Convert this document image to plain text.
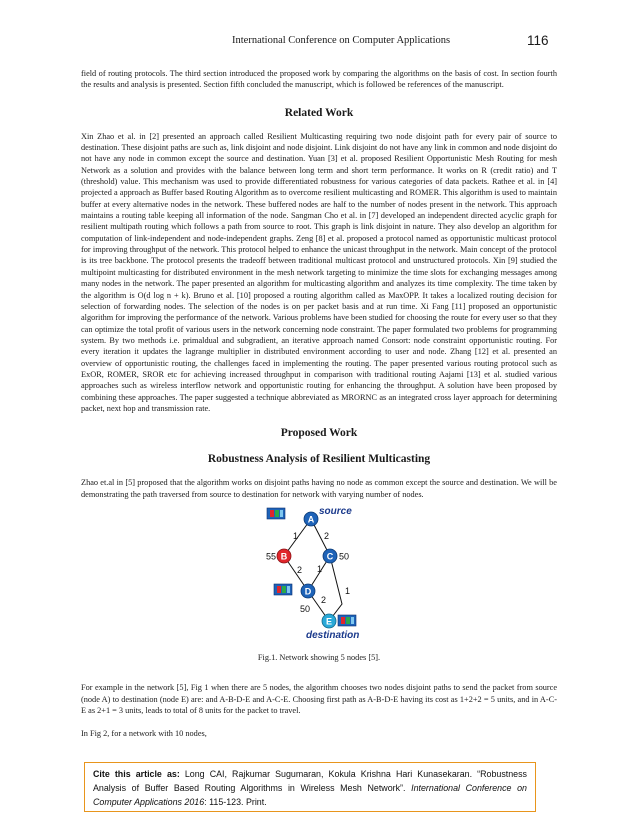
International Conference on Computer Applications	116

field of routing protocols. The third section introduced the proposed work by comparing the algorithms on the basis of cost. In section fourth the results and analysis is presented. Section fifth concluded the manuscript, which is followed be references of the manuscript.

Related Work

Xin Zhao et al. in [2] presented an approach called Resilient Multicasting requiring two node disjoint path for every pair of source to destination. These disjoint paths are such as, link disjoint and node disjoint. Link disjoint do not have any link in common and node disjoint do not have any node in common except the source and destination. Yuan [3] et al. proposed Resilient Opportunistic Mesh Routing for mesh Network as a solution and provides with the balance between long term and short term performance. It works on R (credit ratio) and T (threshold) value. This mechanism was used to provide differentiated robustness for various categories of data packets. Rathee et al. in [4] projected a approach as Buffer based Routing Algorithm as to overcome resilient multicasting and ROMER. This algorithm is used to maintain buffer at every alternative nodes in the network. These buffered nodes are half to the number of nodes present in the network. This approach maintains a routing table keeping all information of the node. Sangman Cho et al. in [7] developed an independent directed acyclic graph for resilient multipath routing which follows a path from source to root. This graph is link disjoint in nature. They also develop an algorithm for computation of link-independent and node-independent graphs. Zeng [8] et al. proposed a protocol named as opportunistic multicast protocol for improving throughput of the network. This protocol helped to enhance the unicast throughput in the network. Main concept of the protocol is its tree backbone. The protocol presents the tradeoff between traditional multicast protocol and unstructured protocols. Xin [9] studied the multipoint multicasting for distributed environment in the mesh network targeting to minimize the time slots for exchanging messages among many nodes in the network. The paper presented an algorithm for multicasting algorithm and analyzes its time complexity. The time taken by the algorithm is O(d log n + k). Bruno et al. [10] proposed a routing algorithm called as MaxOPP. It takes a localized routing decision for selection of forwarding nodes. The selection of the nodes is on per packet basis and at run time. Xi Fang [11] proposed an opportunistic algorithm for improving the performance of the network. Various problems have been studied for choosing the route for every user so that they can optimize the total profit of various users in the network concerning node constraint. The paper formulated two problems for programming system. By two methods i.e. primaldual and subgradient, an iterative approach named Consort: node constraint opportunistic routing. For every iteration it updates the lagrange multiplier in distributed environment according to user and node. Zhang [12] et al. presented an overview of opportunistic routing, the challenges faced in implementing the routing. The paper presented various routing protocol such as ExOR, ROMER, SROR etc for achieving increased throughput in comparison with traditional routing Aajami [13] et al. studied various approaches such as wireless interflow network and opportunistic routing for enhancing the throughput. A solution have been proposed by combining these approaches. The paper suggested a technique abbreviated as MRORNC as an integrated cross layer approach for determining packet, next hop and transmission rate.

Proposed Work
Robustness Analysis of Resilient Multicasting

Zhao et.al in [5] proposed that the algorithm works on disjoint paths having no node as common except the source and destination. We will be demonstrating the path traversed from source to destination for network with varying number of nodes.

A
B	C
D
E
source
destination
55	50
50
1	2
2 1
2
1

Fig.1. Network showing 5 nodes [5].

For example in the network [5], Fig 1 when there are 5 nodes, the algorithm chooses two nodes disjoint paths to send the packet from source (node A) to destination (node E) are: and A-B-D-E and A-C-E. Choosing first path as A-B-D-E having its cost as 1+2+2 = 5 units, and in A-C-E as 2+1 = 3 units, leads to total of 8 units for the packet to travel.

In Fig 2, for a network with 10 nodes,

Cite this article as: Long CAI, Rajkumar Sugumaran, Kokula Krishna Hari Kunasekaran. “Robustness Analysis of Buffer Based Routing Algorithms in Wireless Mesh Network”. International Conference on Computer Applications 2016: 115-123. Print.
